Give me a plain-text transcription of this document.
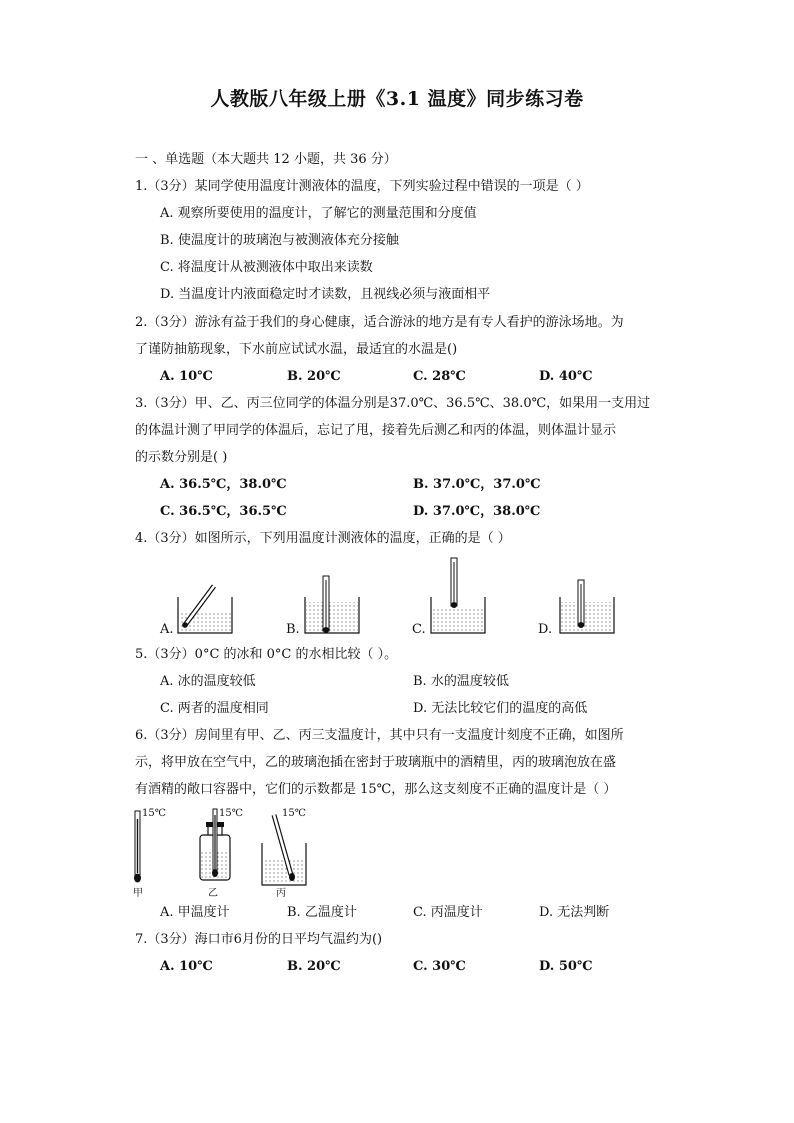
人教版八年级上册《3.1 温度》同步练习卷
一 、单选题（本大题共 12 小题，共 36 分）
1.（3分）某同学使用温度计测液体的温度，下列实验过程中错误的一项是（ ）
A. 观察所要使用的温度计，了解它的测量范围和分度值
B. 使温度计的玻璃泡与被测液体充分接触
C. 将温度计从被测液体中取出来读数
D. 当温度计内液面稳定时才读数，且视线必须与液面相平
2.（3分）游泳有益于我们的身心健康，适合游泳的地方是有专人看护的游泳场地。为
了谨防抽筋现象，下水前应试试水温，最适宜的水温是()
A. 10℃	B. 20℃	C. 28℃	D. 40℃
3.（3分）甲、乙、丙三位同学的体温分别是37.0℃、36.5℃、38.0℃，如果用一支用过
的体温计测了甲同学的体温后，忘记了甩，接着先后测乙和丙的体温，则体温计显示
的示数分别是( )
A. 36.5℃，38.0℃	B. 37.0℃，37.0℃
C. 36.5℃，36.5℃	D. 37.0℃，38.0℃
4.（3分）如图所示，下列用温度计测液体的温度，正确的是（ ）
A.	B.	C.	D.
5.（3分）0°C 的冰和 0°C 的水相比较（ ）。
A. 冰的温度较低	B. 水的温度较低
C. 两者的温度相同	D. 无法比较它们的温度的高低
6.（3分）房间里有甲、乙、丙三支温度计，其中只有一支温度计刻度不正确，如图所
示，将甲放在空气中，乙的玻璃泡插在密封于玻璃瓶中的酒精里，丙的玻璃泡放在盛
有酒精的敞口容器中，它们的示数都是 15℃，那么这支刻度不正确的温度计是（ ）
15℃	15℃	15℃
甲	乙	丙
A. 甲温度计	B. 乙温度计	C. 丙温度计	D. 无法判断
7.（3分）海口市6月份的日平均气温约为()
A. 10℃	B. 20℃	C. 30℃	D. 50℃
